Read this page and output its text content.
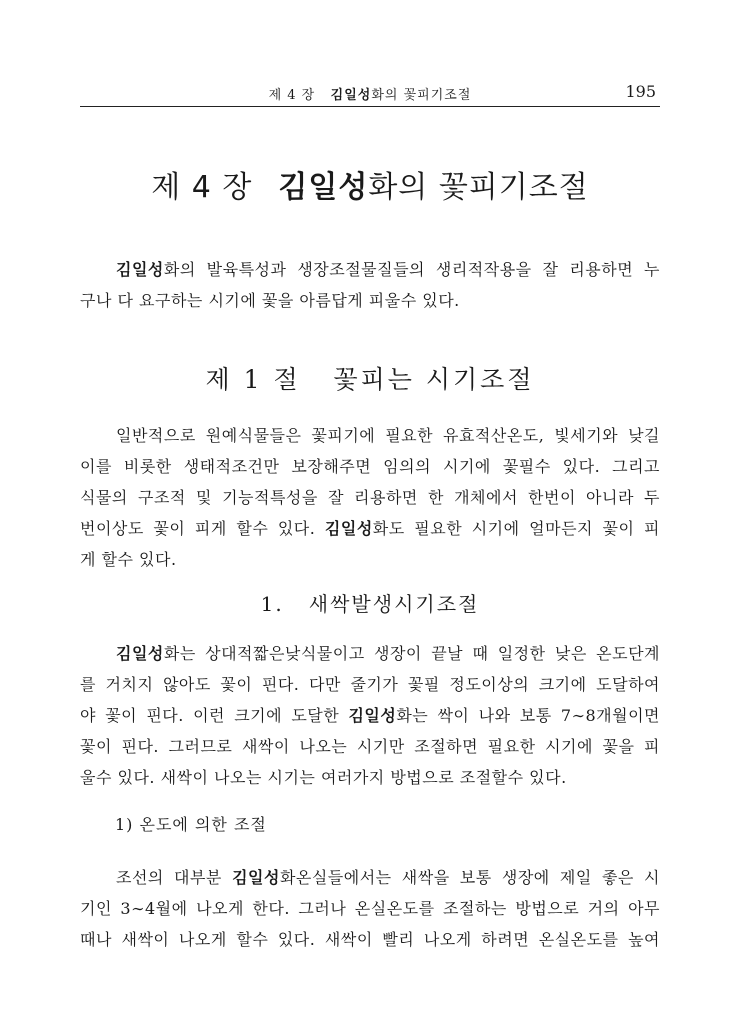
제 4 장 김일성화의 꽃피기조절	195
제 4 장 김일성화의 꽃피기조절
김일성화의 발육특성과 생장조절물질들의 생리적작용을 잘 리용하면 누
구나 다 요구하는 시기에 꽃을 아름답게 피울수 있다.
제 1 절   꽃피는 시기조절
일반적으로 원예식물들은 꽃피기에 필요한 유효적산온도, 빛세기와 낮길
이를 비롯한 생태적조건만 보장해주면 임의의 시기에 꽃필수 있다. 그리고
식물의 구조적 및 기능적특성을 잘 리용하면 한 개체에서 한번이 아니라 두
번이상도 꽃이 피게 할수 있다. 김일성화도 필요한 시기에 얼마든지 꽃이 피
게 할수 있다.
1.   새싹발생시기조절
김일성화는 상대적짧은낮식물이고 생장이 끝날 때 일정한 낮은 온도단계
를 거치지 않아도 꽃이 핀다. 다만 줄기가 꽃필 정도이상의 크기에 도달하여
야 꽃이 핀다. 이런 크기에 도달한 김일성화는 싹이 나와 보통 7∼8개월이면
꽃이 핀다. 그러므로 새싹이 나오는 시기만 조절하면 필요한 시기에 꽃을 피
울수 있다. 새싹이 나오는 시기는 여러가지 방법으로 조절할수 있다.
1) 온도에 의한 조절
조선의 대부분 김일성화온실들에서는 새싹을 보통 생장에 제일 좋은 시
기인 3∼4월에 나오게 한다. 그러나 온실온도를 조절하는 방법으로 거의 아무
때나 새싹이 나오게 할수 있다. 새싹이 빨리 나오게 하려면 온실온도를 높여
